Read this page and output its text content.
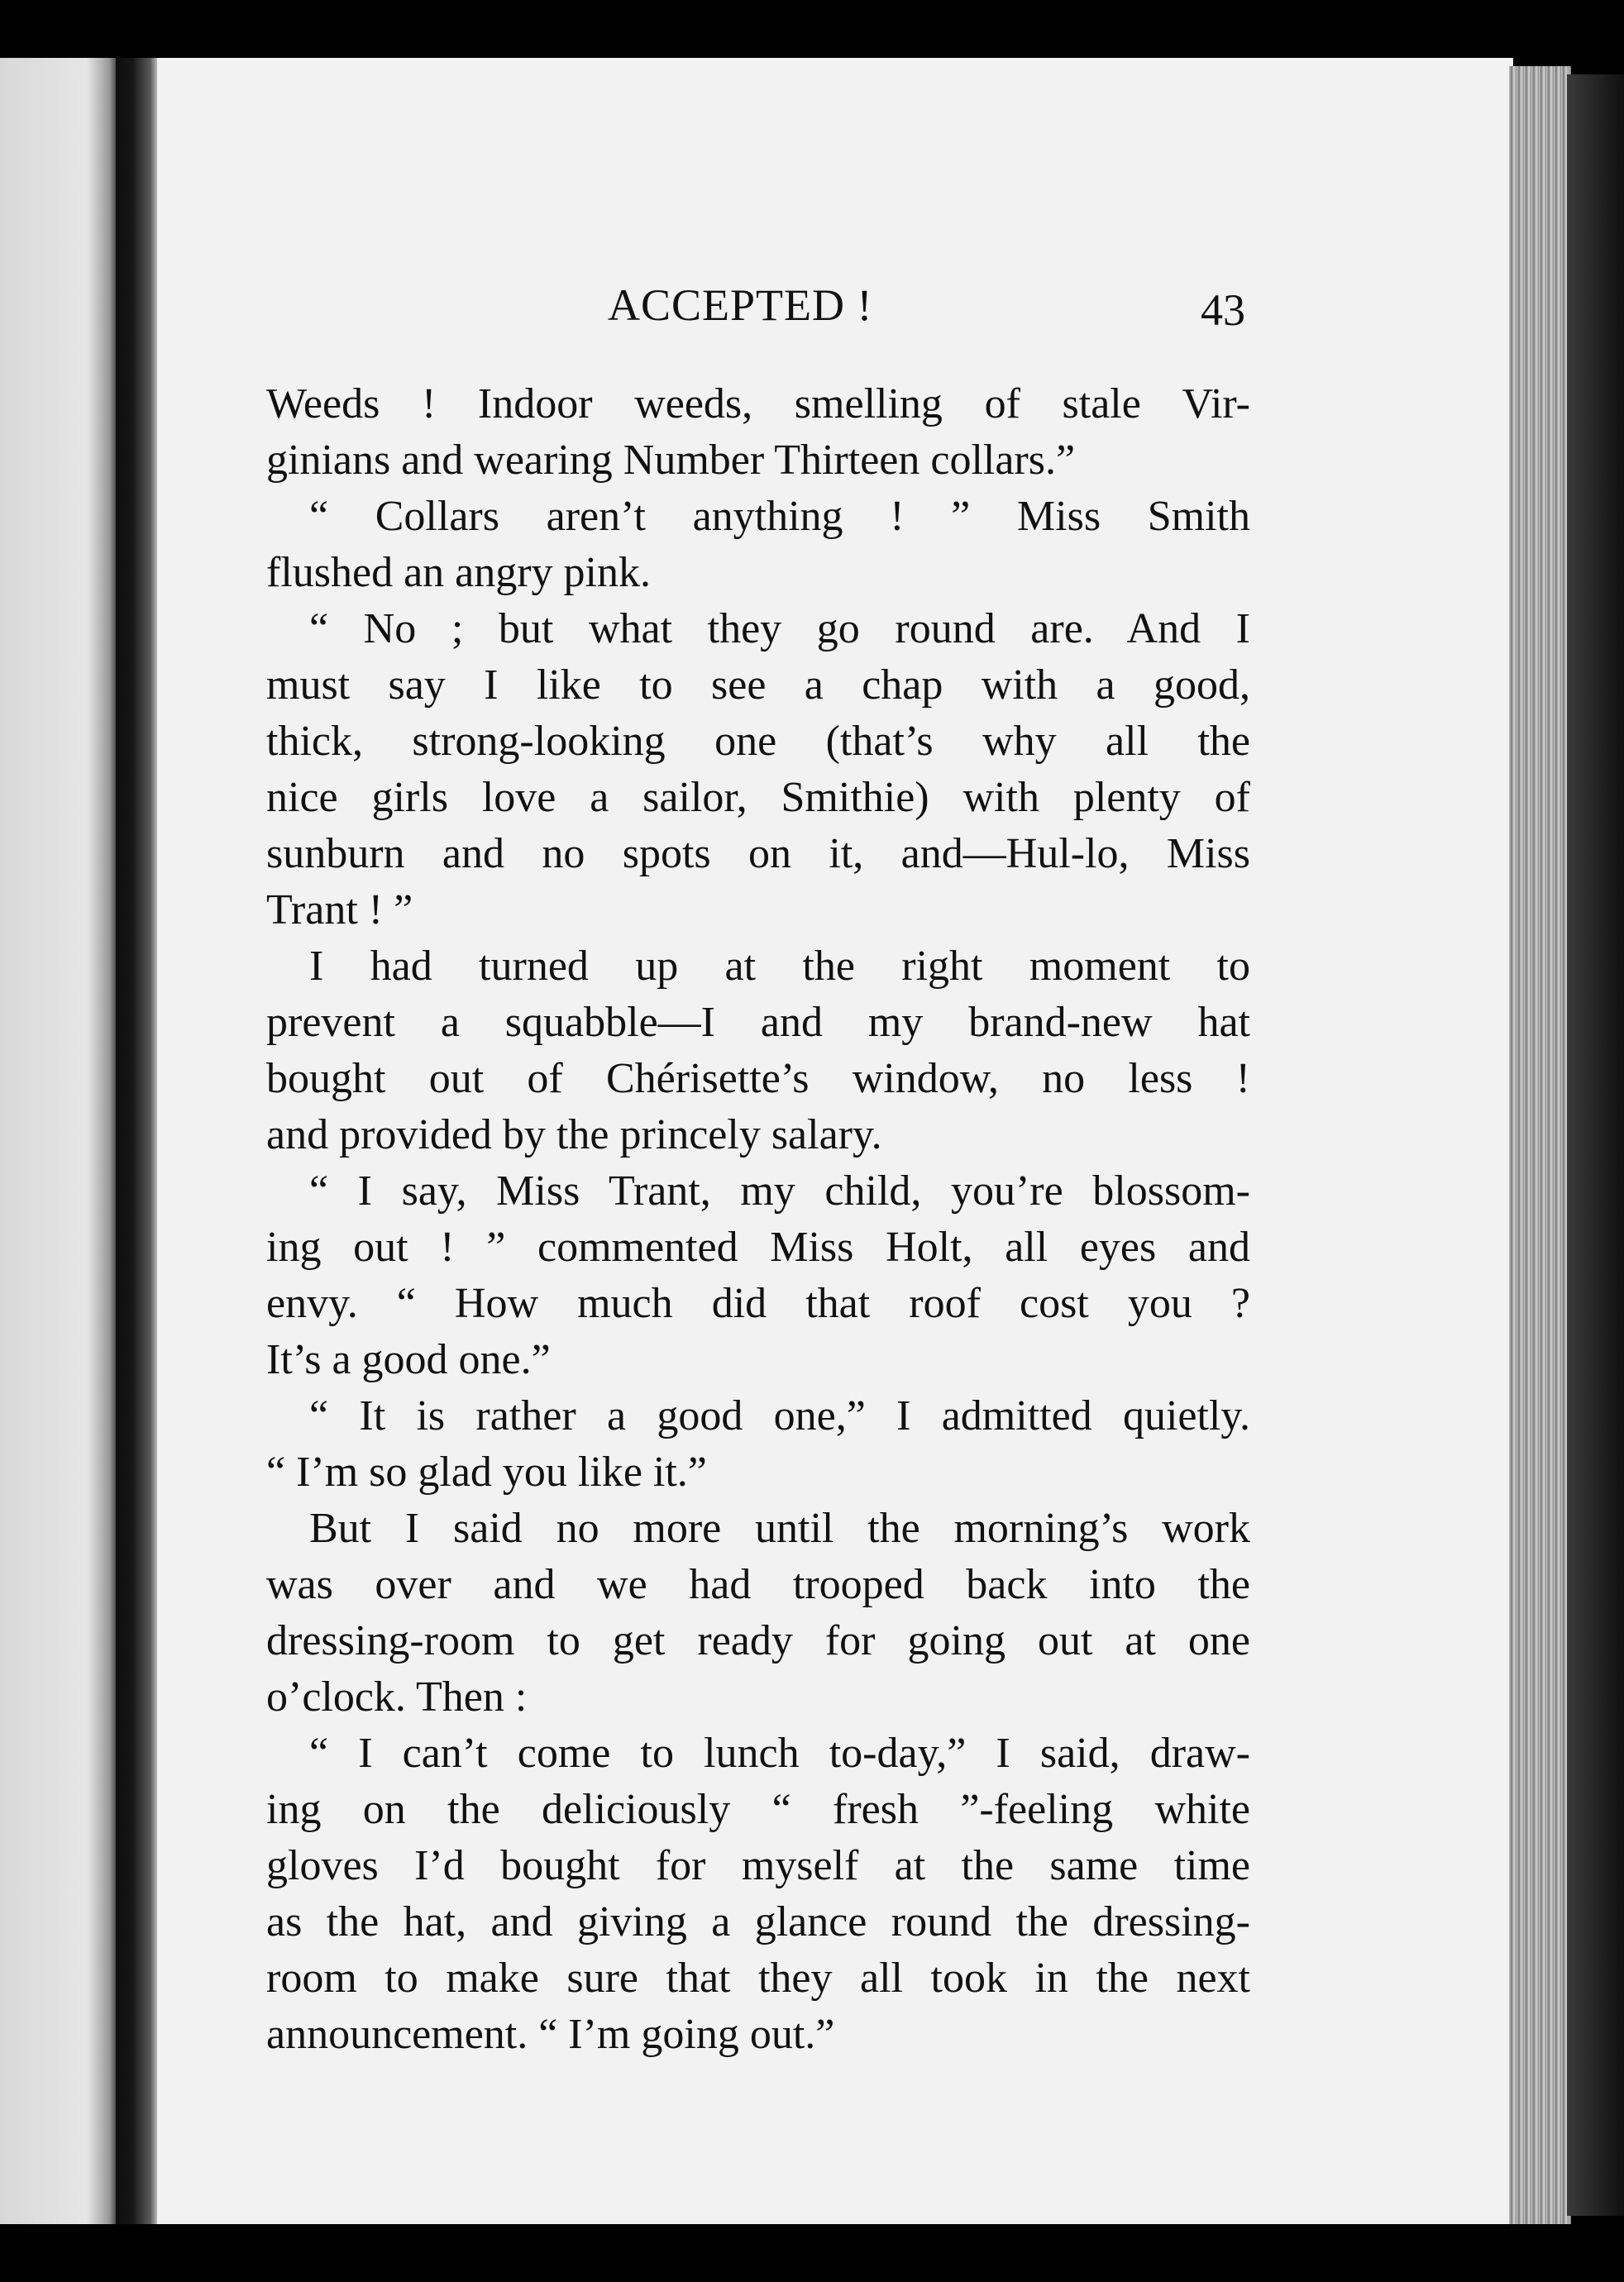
ACCEPTED !	43
Weeds ! Indoor weeds, smelling of stale Vir-
ginians and wearing Number Thirteen collars.”
“ Collars aren’t anything ! ” Miss Smith
flushed an angry pink.
“ No ; but what they go round are. And I
must say I like to see a chap with a good,
thick, strong-looking one (that’s why all the
nice girls love a sailor, Smithie) with plenty of
sunburn and no spots on it, and—Hul-lo, Miss
Trant ! ”
I had turned up at the right moment to
prevent a squabble—I and my brand-new hat
bought out of Chérisette’s window, no less !
and provided by the princely salary.
“ I say, Miss Trant, my child, you’re blossom-
ing out ! ” commented Miss Holt, all eyes and
envy. “ How much did that roof cost you ?
It’s a good one.”
“ It is rather a good one,” I admitted quietly.
“ I’m so glad you like it.”
But I said no more until the morning’s work
was over and we had trooped back into the
dressing-room to get ready for going out at one
o’clock. Then :
“ I can’t come to lunch to-day,” I said, draw-
ing on the deliciously “ fresh ”-feeling white
gloves I’d bought for myself at the same time
as the hat, and giving a glance round the dressing-
room to make sure that they all took in the next
announcement. “ I’m going out.”
